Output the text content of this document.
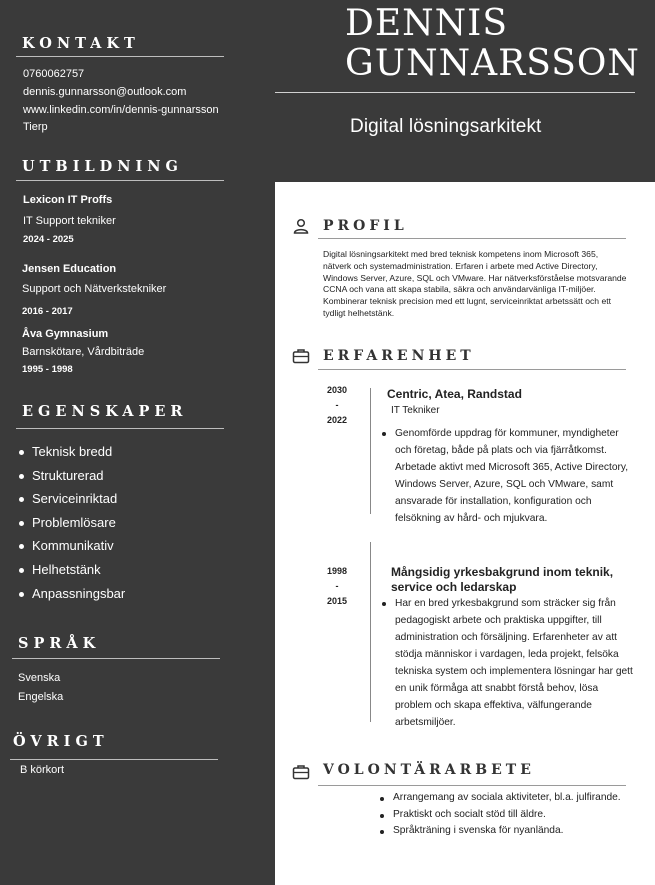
KONTAKT
0760062757
dennis.gunnarsson@outlook.com
www.linkedin.com/in/dennis-gunnarsson
Tierp
UTBILDNING
Lexicon IT Proffs
IT Support tekniker
2024 - 2025
Jensen Education
Support och Nätverkstekniker
2016 - 2017
Åva Gymnasium
Barnskötare, Vårdbiträde
1995 - 1998
EGENSKAPER
Teknisk bredd
Strukturerad
Serviceinriktad
Problemlösare
Kommunikativ
Helhetstänk
Anpassningsbar
SPRÅK
Svenska
Engelska
ÖVRIGT
B körkort
DENNIS
GUNNARSSON
Digital lösningsarkitekt
PROFIL

Digital lösningsarkitekt med bred teknisk kompetens inom Microsoft 365, nätverk och systemadministration. Erfaren i arbete med Active Directory, Windows Server, Azure, SQL och VMware. Har nätverksförståelse motsvarande CCNA och vana att skapa stabila, säkra och användarvänliga IT-miljöer. Kombinerar teknisk precision med ett lugnt, serviceinriktat arbetssätt och ett tydligt helhetstänk.

ERFARENHET
2030
-
2022
Centric, Atea, Randstad
IT Tekniker
Genomförde uppdrag för kommuner, myndigheter och företag, både på plats och via fjärråtkomst. Arbetade aktivt med Microsoft 365, Active Directory, Windows Server, Azure, SQL och VMware, samt ansvarade för installation, konfiguration och felsökning av hård- och mjukvara.
1998
-
2015
Mångsidig yrkesbakgrund inom teknik, service och ledarskap
Har en bred yrkesbakgrund som sträcker sig från pedagogiskt arbete och praktiska uppgifter, till administration och försäljning. Erfarenheter av att stödja människor i vardagen, leda projekt, felsöka tekniska system och implementera lösningar har gett en unik förmåga att snabbt förstå behov, lösa problem och skapa effektiva, välfungerande arbetsmiljöer.
VOLONTÄRARBETE
Arrangemang av sociala aktiviteter, bl.a. julfirande.
Praktiskt och socialt stöd till äldre.
Språkträning i svenska för nyanlända.
